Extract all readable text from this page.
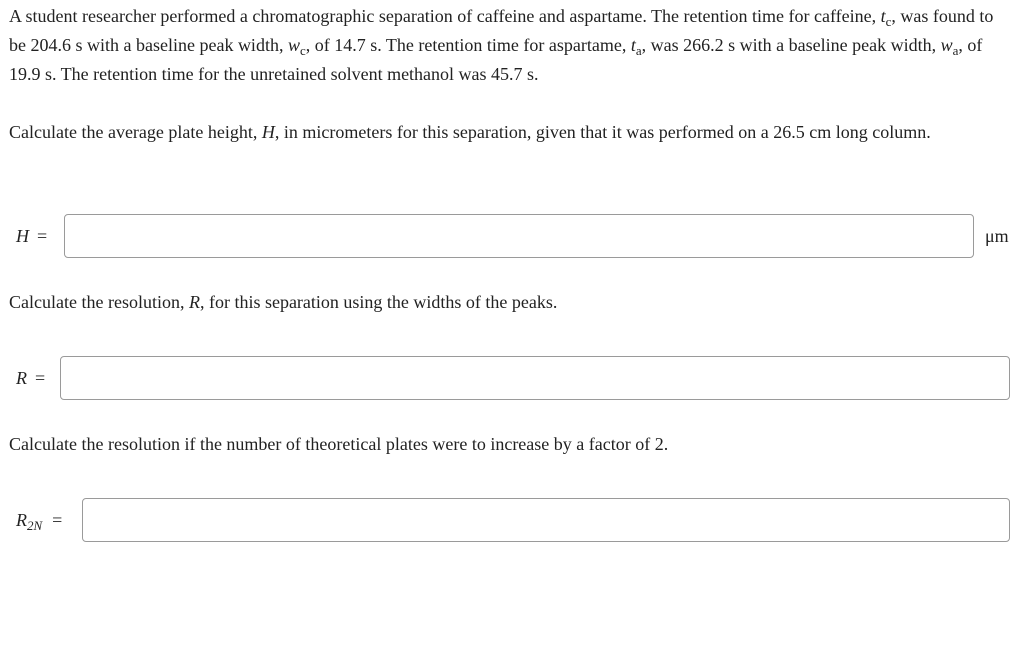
A student researcher performed a chromatographic separation of caffeine and aspartame. The retention time for caffeine, $t_c$, was found to be 204.6 s with a baseline peak width, $w_c$, of 14.7 s. The retention time for aspartame, $t_a$, was 266.2 s with a baseline peak width, $w_a$, of 19.9 s. The retention time for the unretained solvent methanol was 45.7 s.

Calculate the average plate height, H, in micrometers for this separation, given that it was performed on a 26.5 cm long column.

H =	μm

Calculate the resolution, R, for this separation using the widths of the peaks.

R =

Calculate the resolution if the number of theoretical plates were to increase by a factor of 2.

$R_{2N}$ =
